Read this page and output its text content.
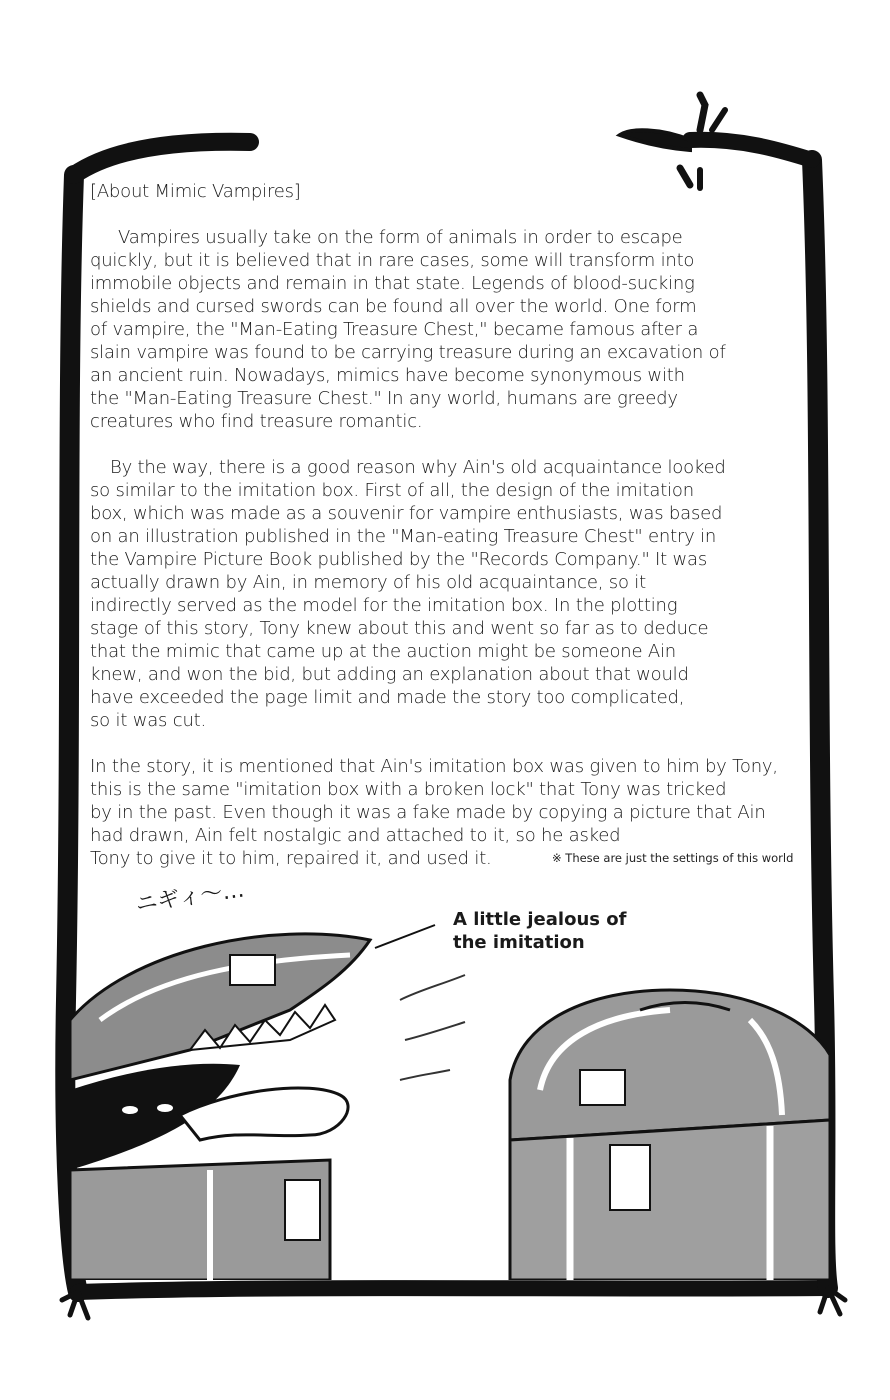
[About Mimic Vampires]

Vampires usually take on the form of animals in order to escape
quickly, but it is believed that in rare cases, some will transform into
immobile objects and remain in that state. Legends of blood-sucking
shields and cursed swords can be found all over the world. One form
of vampire, the "Man-Eating Treasure Chest," became famous after a
slain vampire was found to be carrying treasure during an excavation of
an ancient ruin. Nowadays, mimics have become synonymous with
the "Man-Eating Treasure Chest." In any world, humans are greedy
creatures who find treasure romantic.

By the way, there is a good reason why Ain's old acquaintance looked
so similar to the imitation box. First of all, the design of the imitation
box, which was made as a souvenir for vampire enthusiasts, was based
on an illustration published in the "Man-eating Treasure Chest" entry in
the Vampire Picture Book published by the "Records Company." It was
actually drawn by Ain, in memory of his old acquaintance, so it
indirectly served as the model for the imitation box. In the plotting
stage of this story, Tony knew about this and went so far as to deduce
that the mimic that came up at the auction might be someone Ain
knew, and won the bid, but adding an explanation about that would
have exceeded the page limit and made the story too complicated,
so it was cut.

In the story, it is mentioned that Ain's imitation box was given to him by Tony,
this is the same "imitation box with a broken lock" that Tony was tricked
by in the past. Even though it was a fake made by copying a picture that Ain
had drawn, Ain felt nostalgic and attached to it, so he asked
Tony to give it to him, repaired it, and used it.	※ These are just the settings of this world
ニギィ〜…
A little jealous of
the imitation
